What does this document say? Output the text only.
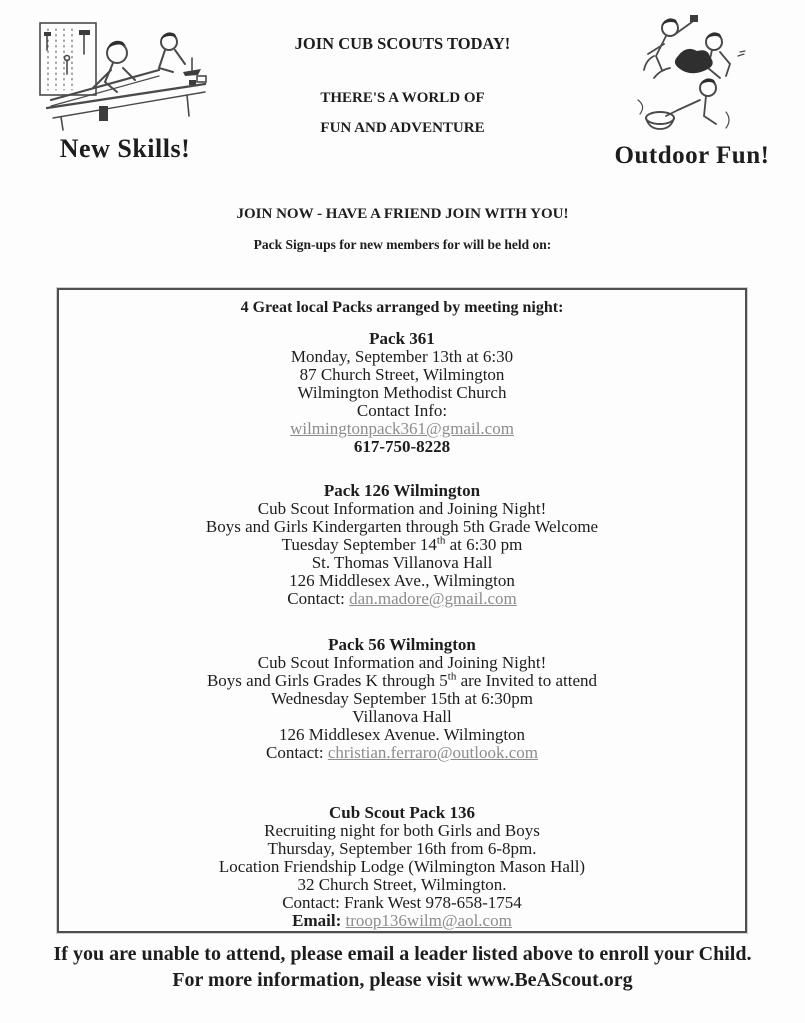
New Skills!
JOIN CUB SCOUTS TODAY!
THERE'S A WORLD OF
FUN AND ADVENTURE
Outdoor Fun!
JOIN NOW - HAVE A FRIEND JOIN WITH YOU!
Pack Sign-ups for new members for will be held on:
4 Great local Packs arranged by meeting night:
Pack 361
Monday, September 13th at 6:30
87 Church Street, Wilmington
Wilmington Methodist Church
Contact Info:
wilmingtonpack361@gmail.com
617-750-8228
Pack 126 Wilmington
Cub Scout Information and Joining Night!
Boys and Girls Kindergarten through 5th Grade Welcome
Tuesday September 14th at 6:30 pm
St. Thomas Villanova Hall
126 Middlesex Ave., Wilmington
Contact: dan.madore@gmail.com
Pack 56 Wilmington
Cub Scout Information and Joining Night!
Boys and Girls Grades K through 5th are Invited to attend
Wednesday September 15th at 6:30pm
Villanova Hall
126 Middlesex Avenue. Wilmington
Contact: christian.ferraro@outlook.com
Cub Scout Pack 136
Recruiting night for both Girls and Boys
Thursday, September 16th from 6-8pm.
Location Friendship Lodge (Wilmington Mason Hall)
32 Church Street, Wilmington.
Contact: Frank West 978-658-1754
Email: troop136wilm@aol.com
If you are unable to attend, please email a leader listed above to enroll your Child.
For more information, please visit www.BeAScout.org
